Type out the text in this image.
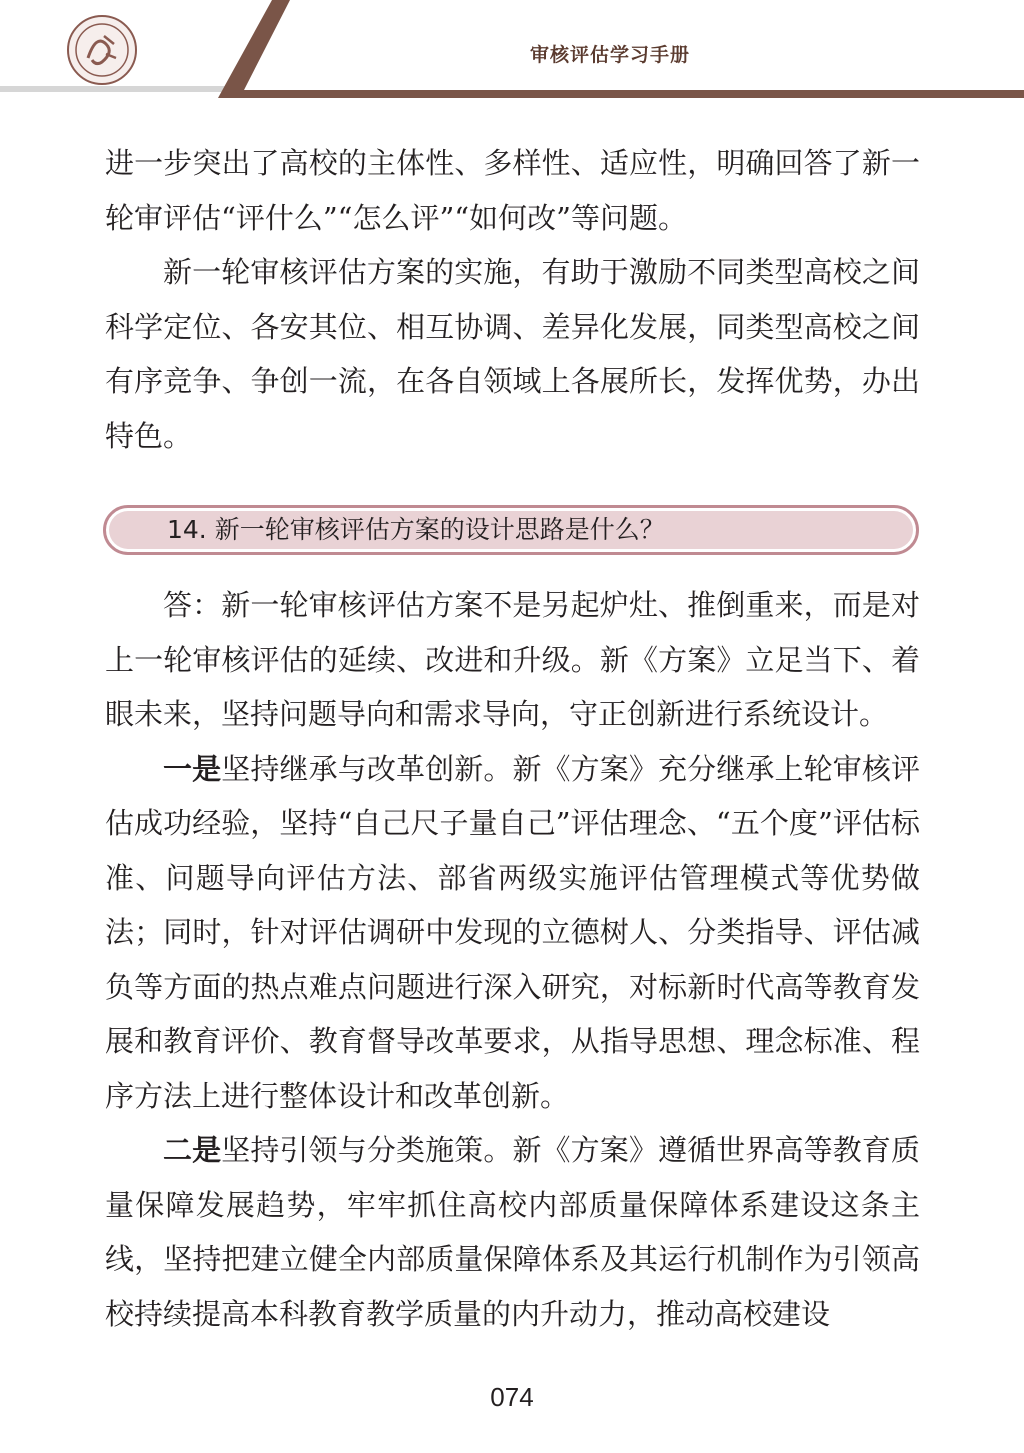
审核评估学习手册

进一步突出了高校的主体性、多样性、适应性，明确回答了新一轮审评估“评什么”“怎么评”“如何改”等问题。

新一轮审核评估方案的实施，有助于激励不同类型高校之间科学定位、各安其位、相互协调、差异化发展，同类型高校之间有序竞争、争创一流，在各自领域上各展所长，发挥优势，办出特色。

14. 新一轮审核评估方案的设计思路是什么？

答：新一轮审核评估方案不是另起炉灶、推倒重来，而是对上一轮审核评估的延续、改进和升级。新《方案》立足当下、着眼未来，坚持问题导向和需求导向，守正创新进行系统设计。

一是坚持继承与改革创新。新《方案》充分继承上轮审核评估成功经验，坚持“自己尺子量自己”评估理念、“五个度”评估标准、问题导向评估方法、部省两级实施评估管理模式等优势做法；同时，针对评估调研中发现的立德树人、分类指导、评估减负等方面的热点难点问题进行深入研究，对标新时代高等教育发展和教育评价、教育督导改革要求，从指导思想、理念标准、程序方法上进行整体设计和改革创新。

二是坚持引领与分类施策。新《方案》遵循世界高等教育质量保障发展趋势，牢牢抓住高校内部质量保障体系建设这条主线，坚持把建立健全内部质量保障体系及其运行机制作为引领高校持续提高本科教育教学质量的内升动力，推动高校建设

074
